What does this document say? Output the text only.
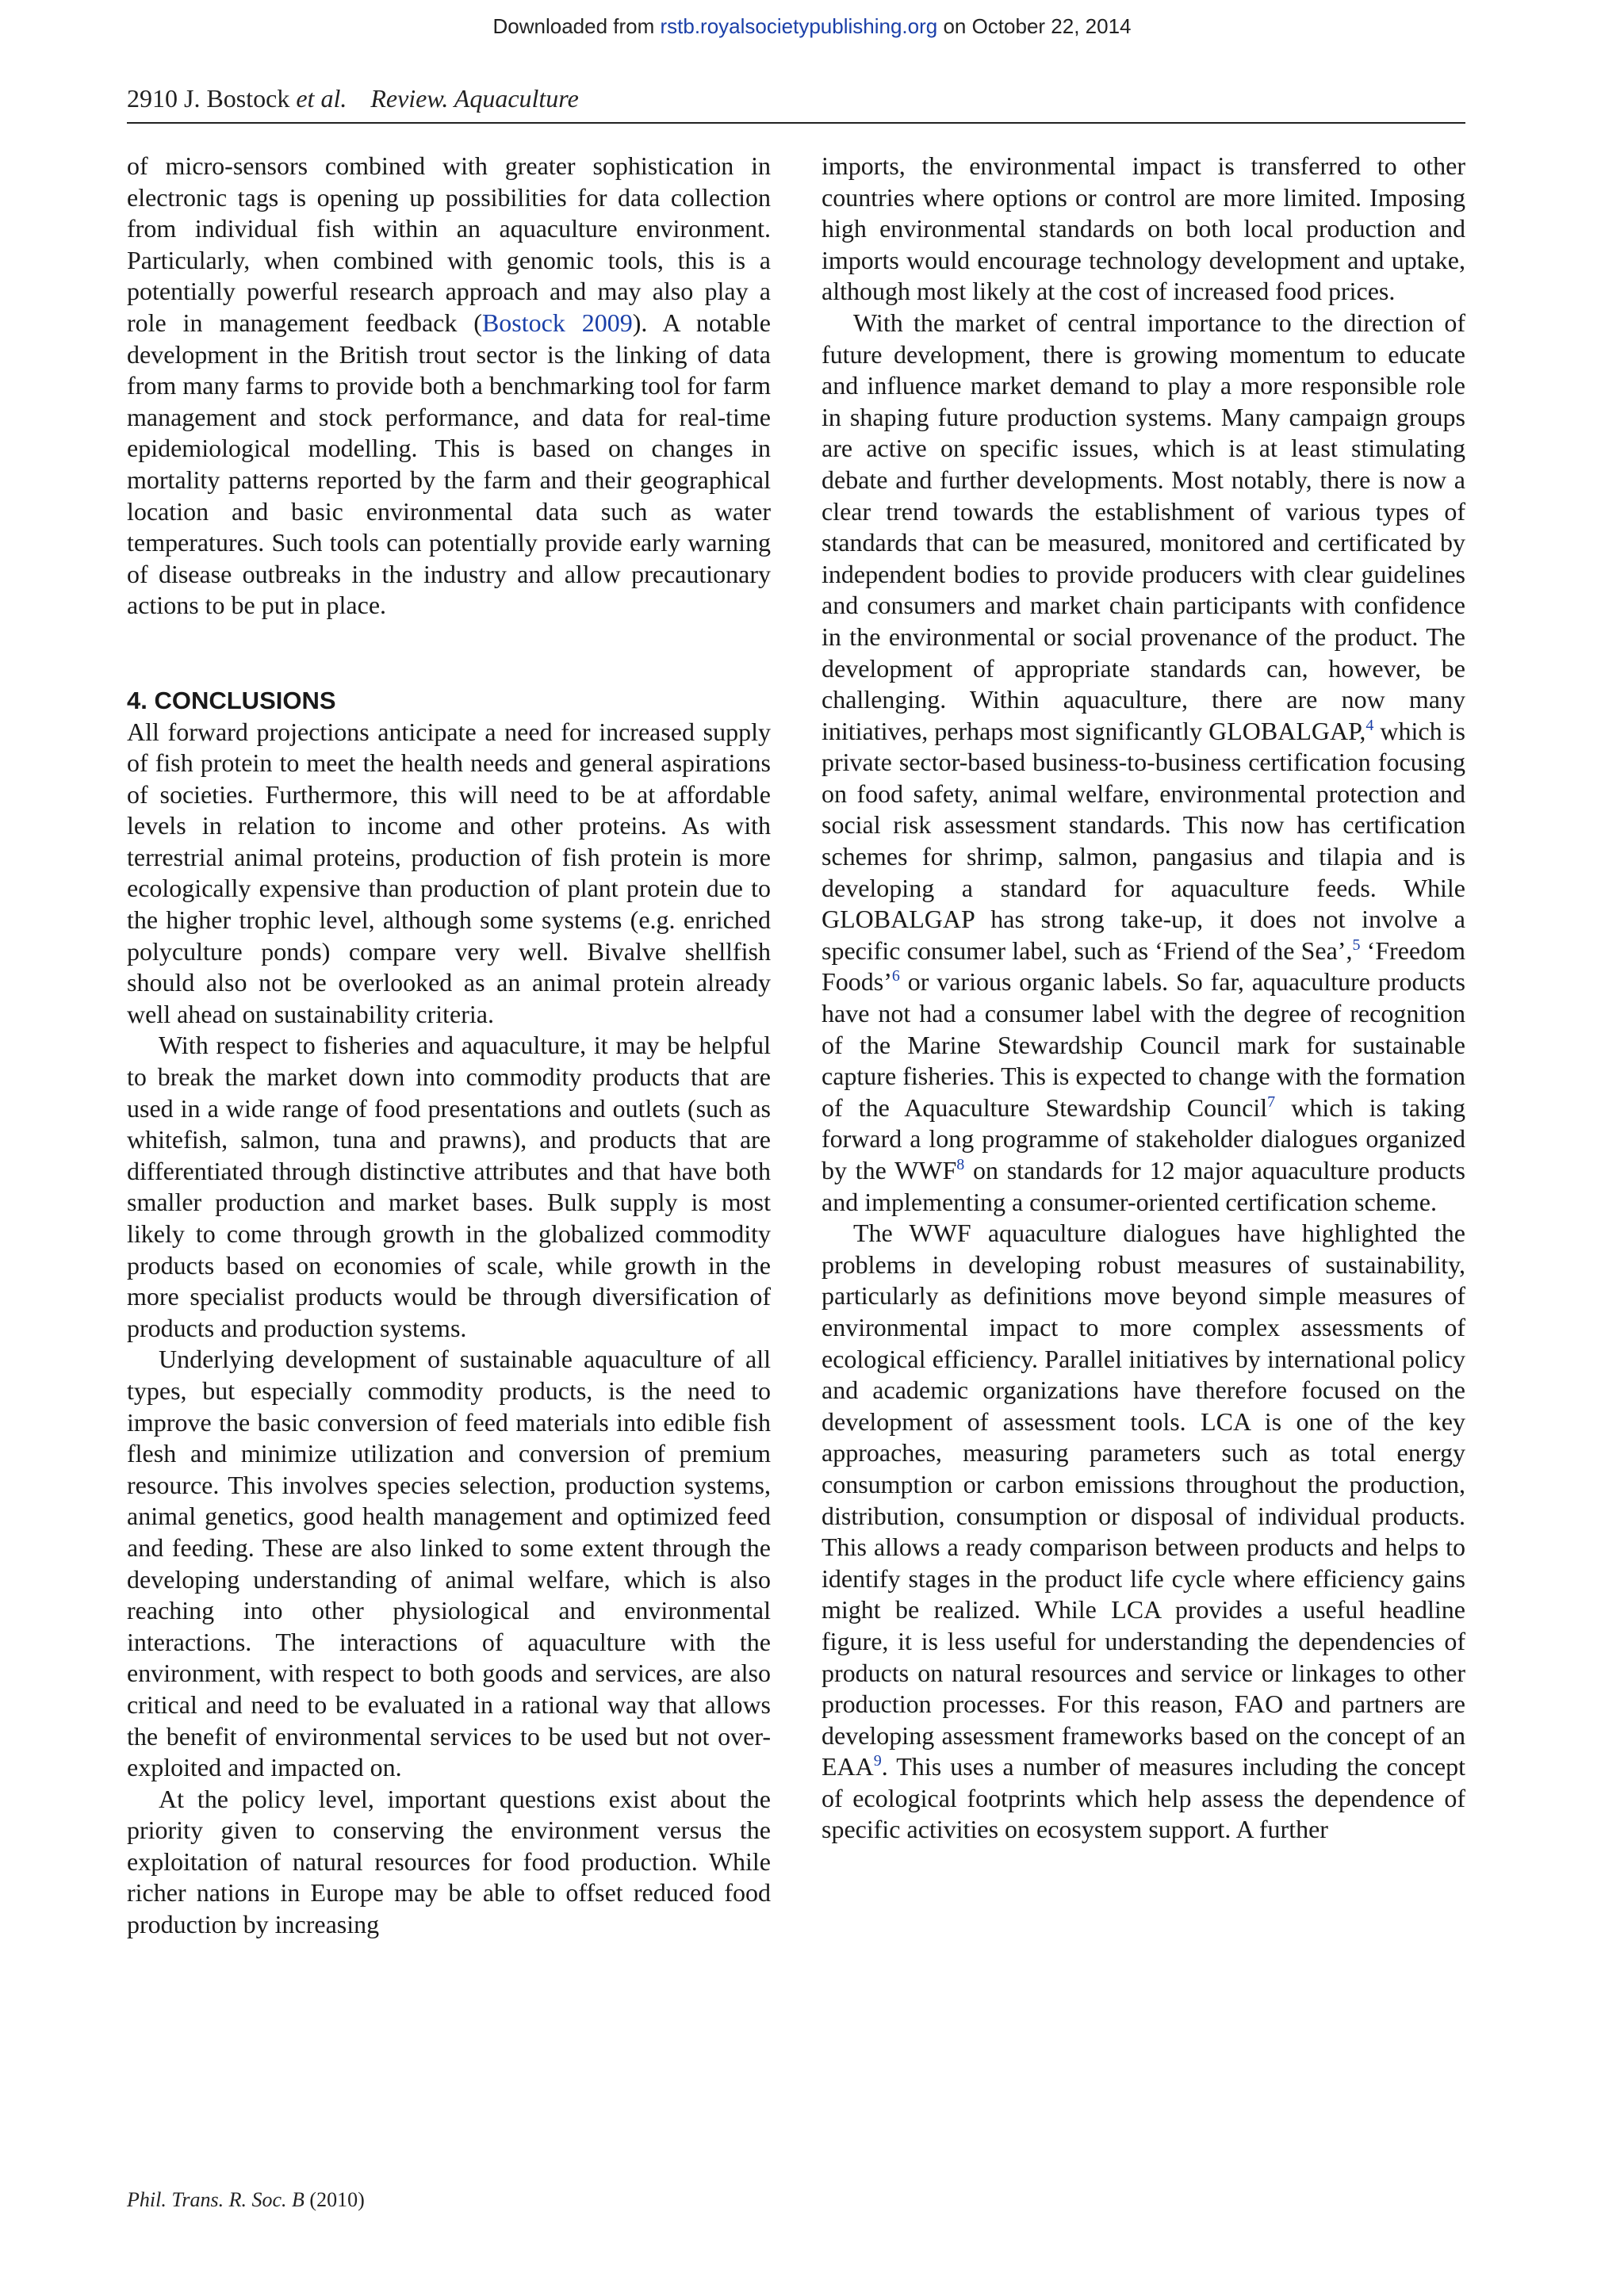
Downloaded from rstb.royalsocietypublishing.org on October 22, 2014
2910 J. Bostock et al. Review. Aquaculture

of micro-sensors combined with greater sophistication in electronic tags is opening up possibilities for data collection from individual fish within an aquaculture environment. Particularly, when combined with genomic tools, this is a potentially powerful research approach and may also play a role in management feedback (Bostock 2009). A notable development in the British trout sector is the linking of data from many farms to provide both a benchmarking tool for farm management and stock performance, and data for real-time epidemiological modelling. This is based on changes in mortality patterns reported by the farm and their geographical location and basic environmental data such as water temperatures. Such tools can potentially provide early warning of disease outbreaks in the industry and allow precautionary actions to be put in place.

4. CONCLUSIONS

All forward projections anticipate a need for increased supply of fish protein to meet the health needs and general aspirations of societies. Furthermore, this will need to be at affordable levels in relation to income and other proteins. As with terrestrial animal proteins, production of fish protein is more ecologically expensive than production of plant protein due to the higher trophic level, although some systems (e.g. enriched polyculture ponds) compare very well. Bivalve shellfish should also not be overlooked as an animal protein already well ahead on sustainability criteria.

With respect to fisheries and aquaculture, it may be helpful to break the market down into commodity products that are used in a wide range of food presentations and outlets (such as whitefish, salmon, tuna and prawns), and products that are differentiated through distinctive attributes and that have both smaller production and market bases. Bulk supply is most likely to come through growth in the globalized commodity products based on economies of scale, while growth in the more specialist products would be through diversification of products and production systems.

Underlying development of sustainable aquaculture of all types, but especially commodity products, is the need to improve the basic conversion of feed materials into edible fish flesh and minimize utilization and conversion of premium resource. This involves species selection, production systems, animal genetics, good health management and optimized feed and feeding. These are also linked to some extent through the developing understanding of animal welfare, which is also reaching into other physiological and environmental interactions. The interactions of aquaculture with the environment, with respect to both goods and services, are also critical and need to be evaluated in a rational way that allows the benefit of environmental services to be used but not over-exploited and impacted on.

At the policy level, important questions exist about the priority given to conserving the environment versus the exploitation of natural resources for food production. While richer nations in Europe may be able to offset reduced food production by increasing

imports, the environmental impact is transferred to other countries where options or control are more limited. Imposing high environmental standards on both local production and imports would encourage technology development and uptake, although most likely at the cost of increased food prices.

With the market of central importance to the direction of future development, there is growing momentum to educate and influence market demand to play a more responsible role in shaping future production systems. Many campaign groups are active on specific issues, which is at least stimulating debate and further developments. Most notably, there is now a clear trend towards the establishment of various types of standards that can be measured, monitored and certificated by independent bodies to provide producers with clear guidelines and consumers and market chain participants with confidence in the environmental or social provenance of the product. The development of appropriate standards can, however, be challenging. Within aquaculture, there are now many initiatives, perhaps most significantly GLOBALGAP,$^4$ which is private sector-based business-to-business certification focusing on food safety, animal welfare, environmental protection and social risk assessment standards. This now has certification schemes for shrimp, salmon, pangasius and tilapia and is developing a standard for aquaculture feeds. While GLOBALGAP has strong take-up, it does not involve a specific consumer label, such as ‘Friend of the Sea’,$^5$ ‘Freedom Foods’$^6$ or various organic labels. So far, aquaculture products have not had a consumer label with the degree of recognition of the Marine Stewardship Council mark for sustainable capture fisheries. This is expected to change with the formation of the Aquaculture Stewardship Council$^7$ which is taking forward a long programme of stakeholder dialogues organized by the WWF$^8$ on standards for 12 major aquaculture products and implementing a consumer-oriented certification scheme.

The WWF aquaculture dialogues have highlighted the problems in developing robust measures of sustainability, particularly as definitions move beyond simple measures of environmental impact to more complex assessments of ecological efficiency. Parallel initiatives by international policy and academic organizations have therefore focused on the development of assessment tools. LCA is one of the key approaches, measuring parameters such as total energy consumption or carbon emissions throughout the production, distribution, consumption or disposal of individual products. This allows a ready comparison between products and helps to identify stages in the product life cycle where efficiency gains might be realized. While LCA provides a useful headline figure, it is less useful for understanding the dependencies of products on natural resources and service or linkages to other production processes. For this reason, FAO and partners are developing assessment frameworks based on the concept of an EAA$^9$. This uses a number of measures including the concept of ecological footprints which help assess the dependence of specific activities on ecosystem support. A further

Phil. Trans. R. Soc. B (2010)
